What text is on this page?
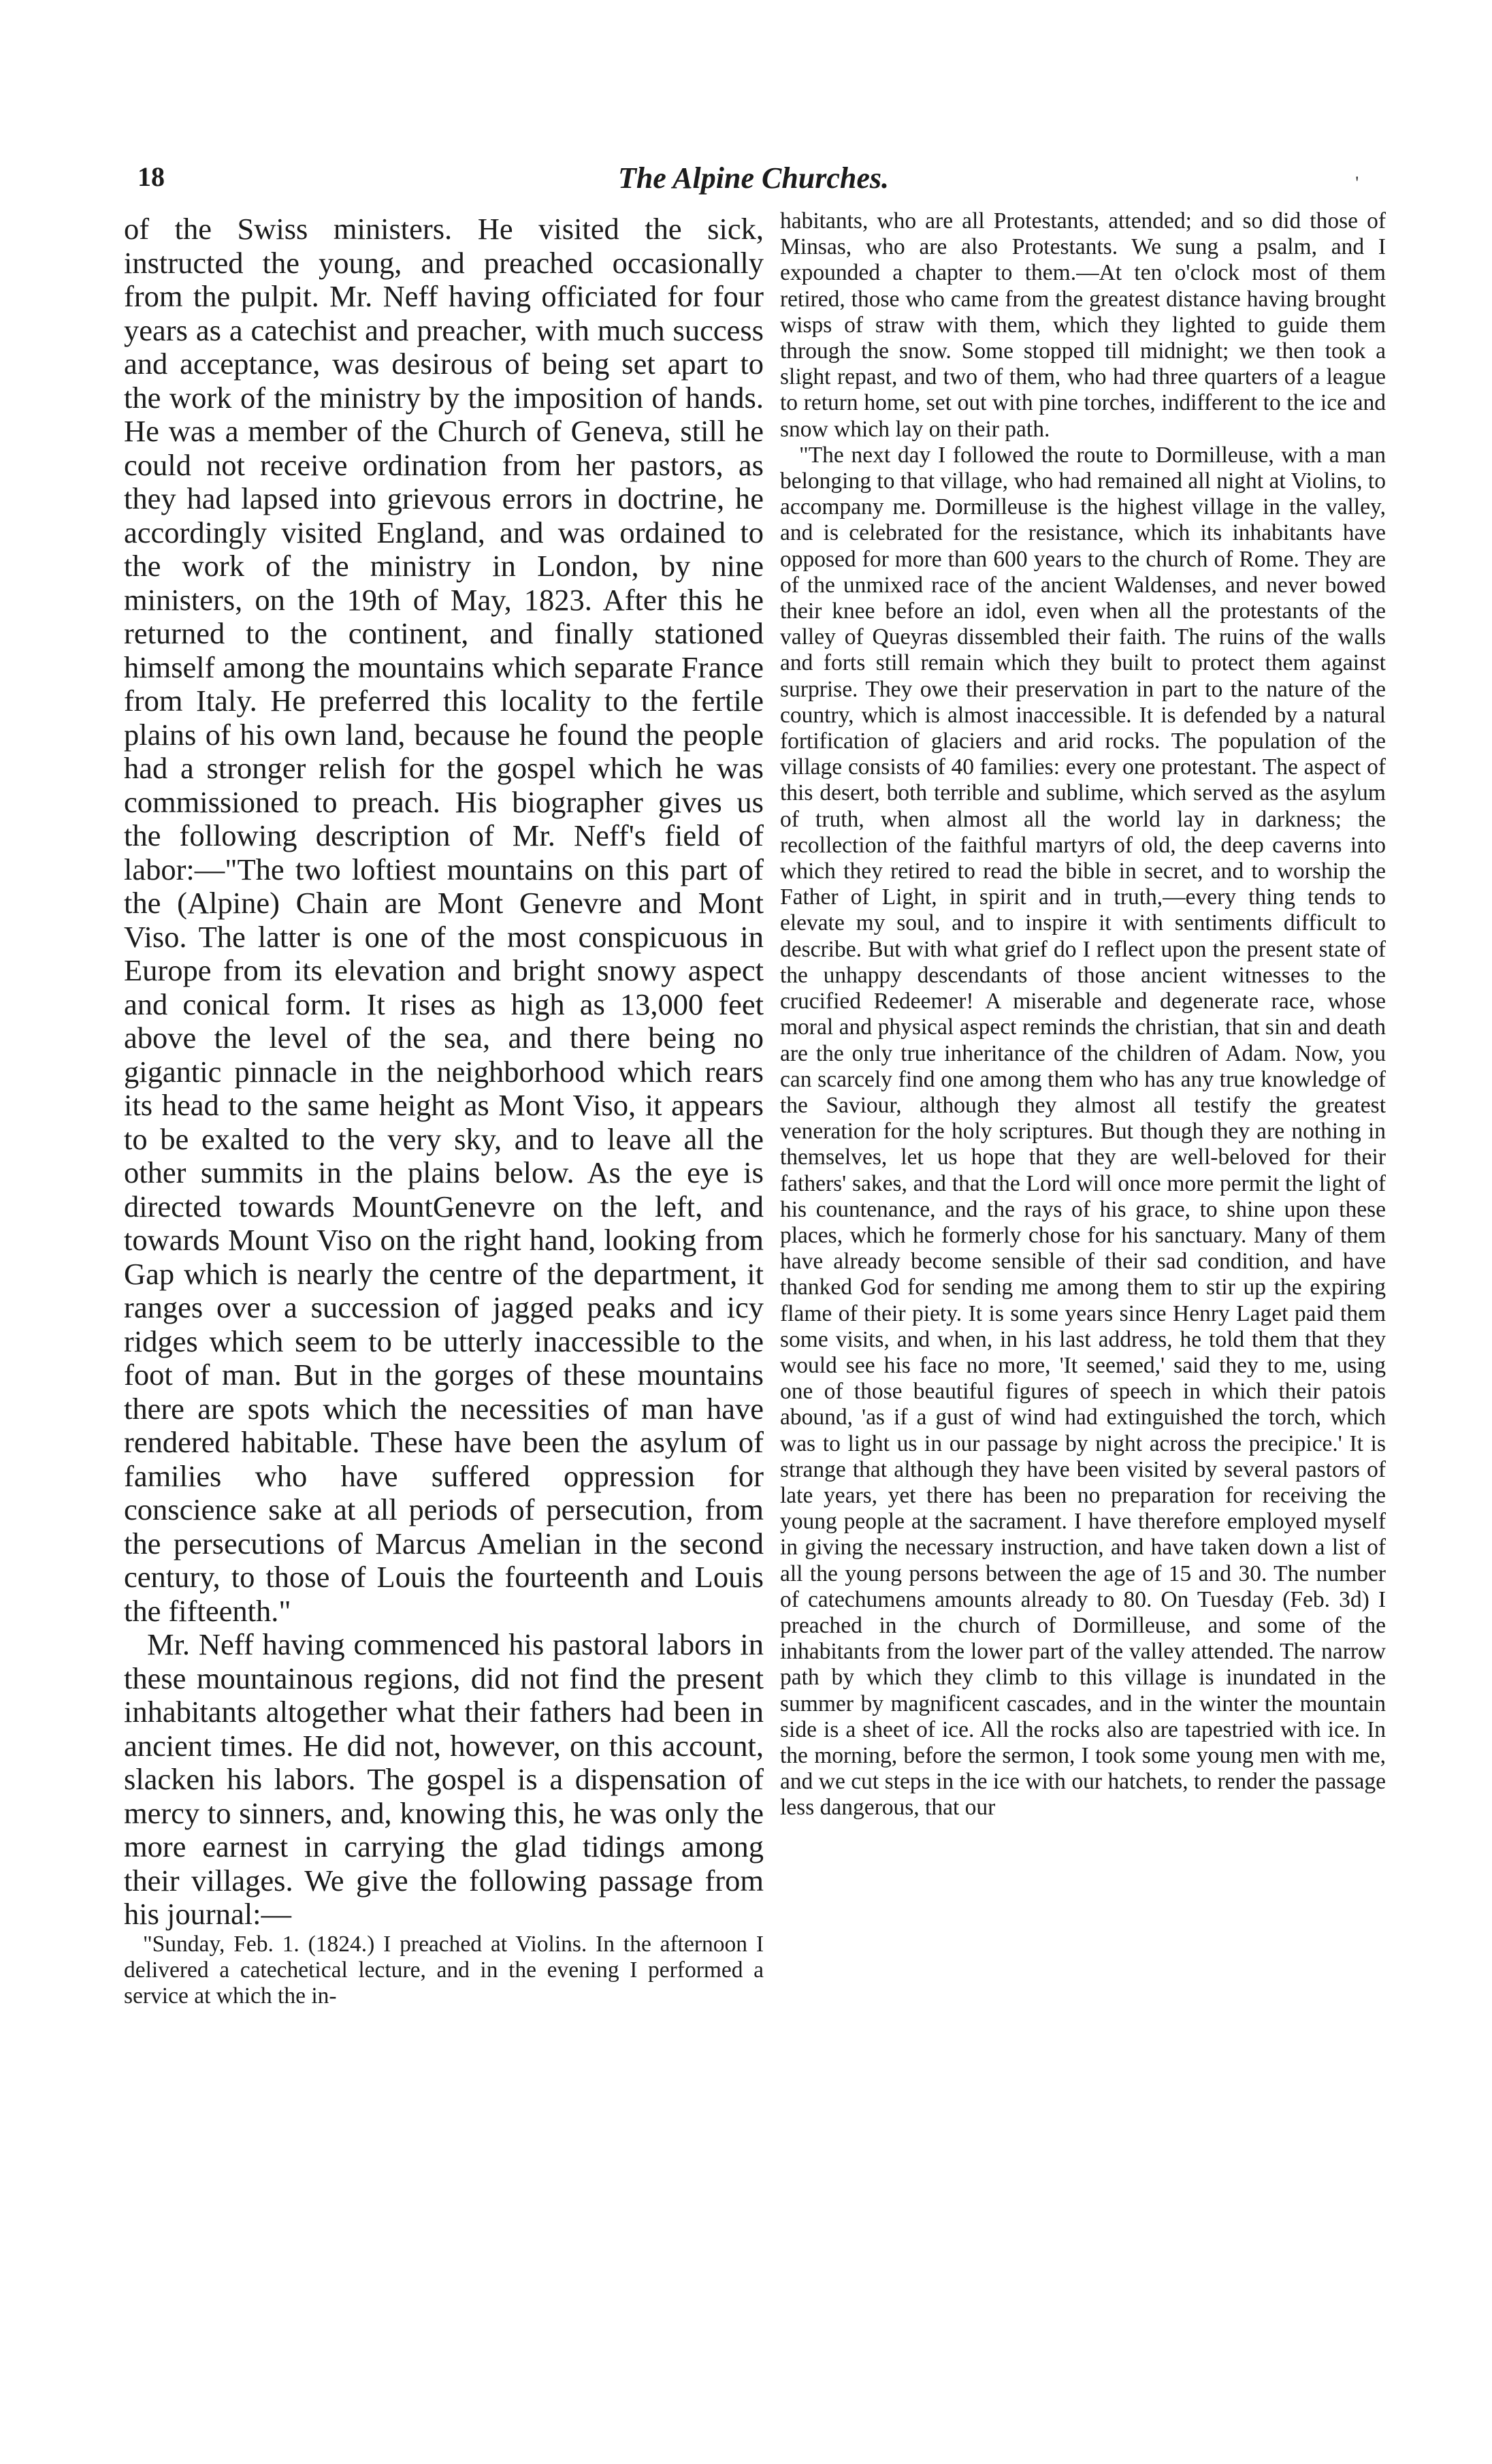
18	The Alpine Churches.	'

of the Swiss ministers. He visited the sick, instructed the young, and preached occasionally from the pulpit. Mr. Neff having officiated for four years as a catechist and preacher, with much success and acceptance, was desirous of being set apart to the work of the ministry by the imposition of hands. He was a member of the Church of Geneva, still he could not receive ordination from her pastors, as they had lapsed into grievous errors in doctrine, he accordingly visited England, and was ordained to the work of the ministry in London, by nine ministers, on the 19th of May, 1823. After this he returned to the continent, and finally stationed himself among the mountains which separate France from Italy. He preferred this locality to the fertile plains of his own land, because he found the people had a stronger relish for the gospel which he was commissioned to preach. His biographer gives us the following description of Mr. Neff's field of labor:—"The two loftiest mountains on this part of the (Alpine) Chain are Mont Genevre and Mont Viso. The latter is one of the most conspicuous in Europe from its elevation and bright snowy aspect and conical form. It rises as high as 13,000 feet above the level of the sea, and there being no gigantic pinnacle in the neighborhood which rears its head to the same height as Mont Viso, it appears to be exalted to the very sky, and to leave all the other summits in the plains below. As the eye is directed towards MountGenevre on the left, and towards Mount Viso on the right hand, looking from Gap which is nearly the centre of the department, it ranges over a succession of jagged peaks and icy ridges which seem to be utterly inaccessible to the foot of man. But in the gorges of these mountains there are spots which the necessities of man have rendered habitable. These have been the asylum of families who have suffered oppression for conscience sake at all periods of persecution, from the persecutions of Marcus Amelian in the second century, to those of Louis the fourteenth and Louis the fifteenth."

Mr. Neff having commenced his pastoral labors in these mountainous regions, did not find the present inhabitants altogether what their fathers had been in ancient times. He did not, however, on this account, slacken his labors. The gospel is a dispensation of mercy to sinners, and, knowing this, he was only the more earnest in carrying the glad tidings among their villages. We give the following passage from his journal:—

"Sunday, Feb. 1. (1824.) I preached at Violins. In the afternoon I delivered a catechetical lecture, and in the evening I performed a service at which the in-

habitants, who are all Protestants, attended; and so did those of Minsas, who are also Protestants. We sung a psalm, and I expounded a chapter to them.—At ten o'clock most of them retired, those who came from the greatest distance having brought wisps of straw with them, which they lighted to guide them through the snow. Some stopped till midnight; we then took a slight repast, and two of them, who had three quarters of a league to return home, set out with pine torches, indifferent to the ice and snow which lay on their path.

"The next day I followed the route to Dormilleuse, with a man belonging to that village, who had remained all night at Violins, to accompany me. Dormilleuse is the highest village in the valley, and is celebrated for the resistance, which its inhabitants have opposed for more than 600 years to the church of Rome. They are of the unmixed race of the ancient Waldenses, and never bowed their knee before an idol, even when all the protestants of the valley of Queyras dissembled their faith. The ruins of the walls and forts still remain which they built to protect them against surprise. They owe their preservation in part to the nature of the country, which is almost inaccessible. It is defended by a natural fortification of glaciers and arid rocks. The population of the village consists of 40 families: every one protestant. The aspect of this desert, both terrible and sublime, which served as the asylum of truth, when almost all the world lay in darkness; the recollection of the faithful martyrs of old, the deep caverns into which they retired to read the bible in secret, and to worship the Father of Light, in spirit and in truth,—every thing tends to elevate my soul, and to inspire it with sentiments difficult to describe. But with what grief do I reflect upon the present state of the unhappy descendants of those ancient witnesses to the crucified Redeemer! A miserable and degenerate race, whose moral and physical aspect reminds the christian, that sin and death are the only true inheritance of the children of Adam. Now, you can scarcely find one among them who has any true knowledge of the Saviour, although they almost all testify the greatest veneration for the holy scriptures. But though they are nothing in themselves, let us hope that they are well-beloved for their fathers' sakes, and that the Lord will once more permit the light of his countenance, and the rays of his grace, to shine upon these places, which he formerly chose for his sanctuary. Many of them have already become sensible of their sad condition, and have thanked God for sending me among them to stir up the expiring flame of their piety. It is some years since Henry Laget paid them some visits, and when, in his last address, he told them that they would see his face no more, 'It seemed,' said they to me, using one of those beautiful figures of speech in which their patois abound, 'as if a gust of wind had extinguished the torch, which was to light us in our passage by night across the precipice.' It is strange that although they have been visited by several pastors of late years, yet there has been no preparation for receiving the young people at the sacrament. I have therefore employed myself in giving the necessary instruction, and have taken down a list of all the young persons between the age of 15 and 30. The number of catechumens amounts already to 80. On Tuesday (Feb. 3d) I preached in the church of Dormilleuse, and some of the inhabitants from the lower part of the valley attended. The narrow path by which they climb to this village is inundated in the summer by magnificent cascades, and in the winter the mountain side is a sheet of ice. All the rocks also are tapestried with ice. In the morning, before the sermon, I took some young men with me, and we cut steps in the ice with our hatchets, to render the passage less dangerous, that our
